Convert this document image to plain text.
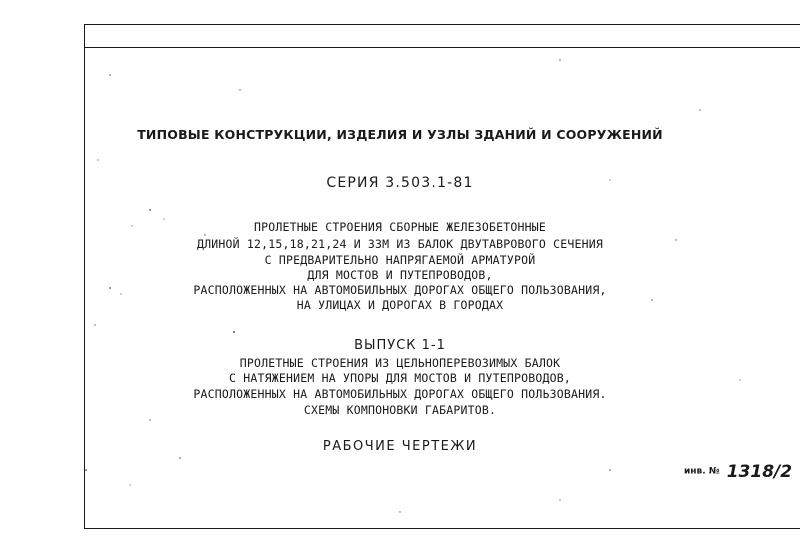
ТИПОВЫЕ КОНСТРУКЦИИ, ИЗДЕЛИЯ И УЗЛЫ ЗДАНИЙ И СООРУЖЕНИЙ
СЕРИЯ 3.503.1-81
ПРОЛЕТНЫЕ СТРОЕНИЯ СБОРНЫЕ ЖЕЛЕЗОБЕТОННЫЕ
ДЛИНОЙ 12,15,18,21,24 И 33М ИЗ БАЛОК ДВУТАВРОВОГО СЕЧЕНИЯ
С ПРЕДВАРИТЕЛЬНО НАПРЯГАЕМОЙ АРМАТУРОЙ
ДЛЯ МОСТОВ И ПУТЕПРОВОДОВ,
РАСПОЛОЖЕННЫХ НА АВТОМОБИЛЬНЫХ ДОРОГАХ ОБЩЕГО ПОЛЬЗОВАНИЯ,
НА УЛИЦАХ И ДОРОГАХ В ГОРОДАХ
ВЫПУСК 1-1
ПРОЛЕТНЫЕ СТРОЕНИЯ ИЗ ЦЕЛЬНОПЕРЕВОЗИМЫХ БАЛОК
С НАТЯЖЕНИЕМ НА УПОРЫ ДЛЯ МОСТОВ И ПУТЕПРОВОДОВ,
РАСПОЛОЖЕННЫХ НА АВТОМОБИЛЬНЫХ ДОРОГАХ ОБЩЕГО ПОЛЬЗОВАНИЯ.
СХЕМЫ КОМПОНОВКИ ГАБАРИТОВ.
РАБОЧИЕ ЧЕРТЕЖИ
инв. № 1318/2
